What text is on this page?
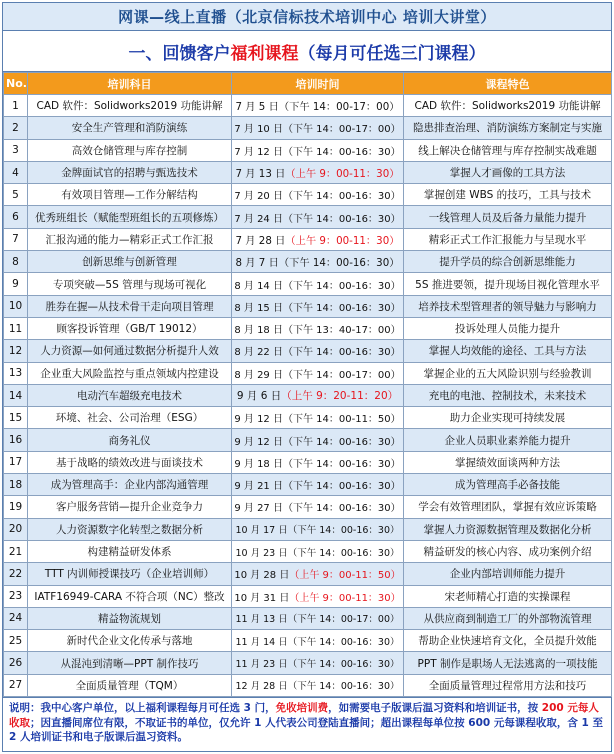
网课—线上直播（北京信标技术培训中心 培训大讲堂）
一、回馈客户 福利课程 （每月可任选三门课程）
No.	培训科目	培训时间	课程特色
1	CAD 软件：Solidworks2019 功能讲解	7 月 5 日（下午 14：00-17：00）	CAD 软件：Solidworks2019 功能讲解
2	安全生产管理和消防演练	7 月 10 日（下午 14：00-17：00）	隐患排查治理、消防演练方案制定与实施
3	高效仓储管理与库存控制	7 月 12 日（下午 14：00-16：30）	线上解决仓储管理与库存控制实战难题
4	金牌面试官的招聘与甄选技术	7 月 13 日（上午 9：00-11：30）	掌握人才画像的工具方法
5	有效项目管理—工作分解结构	7 月 20 日（下午 14：00-16：30）	掌握创建 WBS 的技巧，工具与技术
6	优秀班组长（赋能型班组长的五项修炼）	7 月 24 日（下午 14：00-16：30）	一线管理人员及后备力量能力提升
7	汇报沟通的能力—精彩正式工作汇报	7 月 28 日（上午 9：00-11：30）	精彩正式工作汇报能力与呈现水平
8	创新思维与创新管理	8 月 7 日（下午 14：00-16：30）	提升学员的综合创新思维能力
9	专项突破—5S 管理与现场可视化	8 月 14 日（下午 14：00-16：30）	5S 推进要领，提升现场目视化管理水平
10	胜券在握—从技术骨干走向项目管理	8 月 15 日（下午 14：00-16：30）	培养技术型管理者的领导魅力与影响力
11	顾客投诉管理（GB/T 19012）	8 月 18 日（下午 13：40-17：00）	投诉处理人员能力提升
12	人力资源—如何通过数据分析提升人效	8 月 22 日（下午 14：00-16：30）	掌握人均效能的途径、工具与方法
13	企业重大风险监控与重点领域内控建设	8 月 29 日（下午 14：00-17：00）	掌握企业的五大风险识别与经验教训
14	电动汽车超级充电技术	9 月 6 日（上午 9：20-11：20）	充电的电池、控制技术，未来技术
15	环境、社会、公司治理（ESG）	9 月 12 日（下午 14：00-11：50）	助力企业实现可持续发展
16	商务礼仪	9 月 12 日（下午 14：00-16：30）	企业人员职业素养能力提升
17	基于战略的绩效改进与面谈技术	9 月 18 日（下午 14：00-16：30）	掌握绩效面谈两种方法
18	成为管理高手：企业内部沟通管理	9 月 21 日（下午 14：00-16：30）	成为管理高手必备技能
19	客户服务营销—提升企业竞争力	9 月 27 日（下午 14：00-16：30）	学会有效管理团队，掌握有效应诉策略
20	人力资源数字化转型之数据分析	10 月 17 日（下午 14：00-16：30）	掌握人力资源数据管理及数据化分析
21	构建精益研发体系	10 月 23 日（下午 14：00-16：30）	精益研发的核心内容、成功案例介绍
22	TTT 内训师授课技巧（企业培训师）	10 月 28 日（上午 9：00-11：50）	企业内部培训师能力提升
23	IATF16949-CARA 不符合项（NC）整改	10 月 31 日（上午 9：00-11：30）	宋老师精心打造的实操课程
24	精益物流规划	11 月 13 日（下午 14：00-17：00）	从供应商到制造工厂的外部物流管理
25	新时代企业文化传承与落地	11 月 14 日（下午 14：00-16：30）	帮助企业快速培育文化，全员提升效能
26	从混沌到清晰—PPT 制作技巧	11 月 23 日（下午 14：00-16：30）	PPT 制作是职场人无法逃离的一项技能
27	全面质量管理（TQM）	12 月 28 日（下午 14：00-16：30）	全面质量管理过程常用方法和技巧
说明：我中心客户单位，以上福利课程每月可任选 3 门，免收培训费，如需要电子版课后温习资料和培训证书，按 200 元每人收取；因直播间席位有限，不取证书的单位，仅允许 1 人代表公司登陆直播间；超出课程每单位按 600 元每课程收取，含 1 至 2 人培训证书和电子版课后温习资料。
